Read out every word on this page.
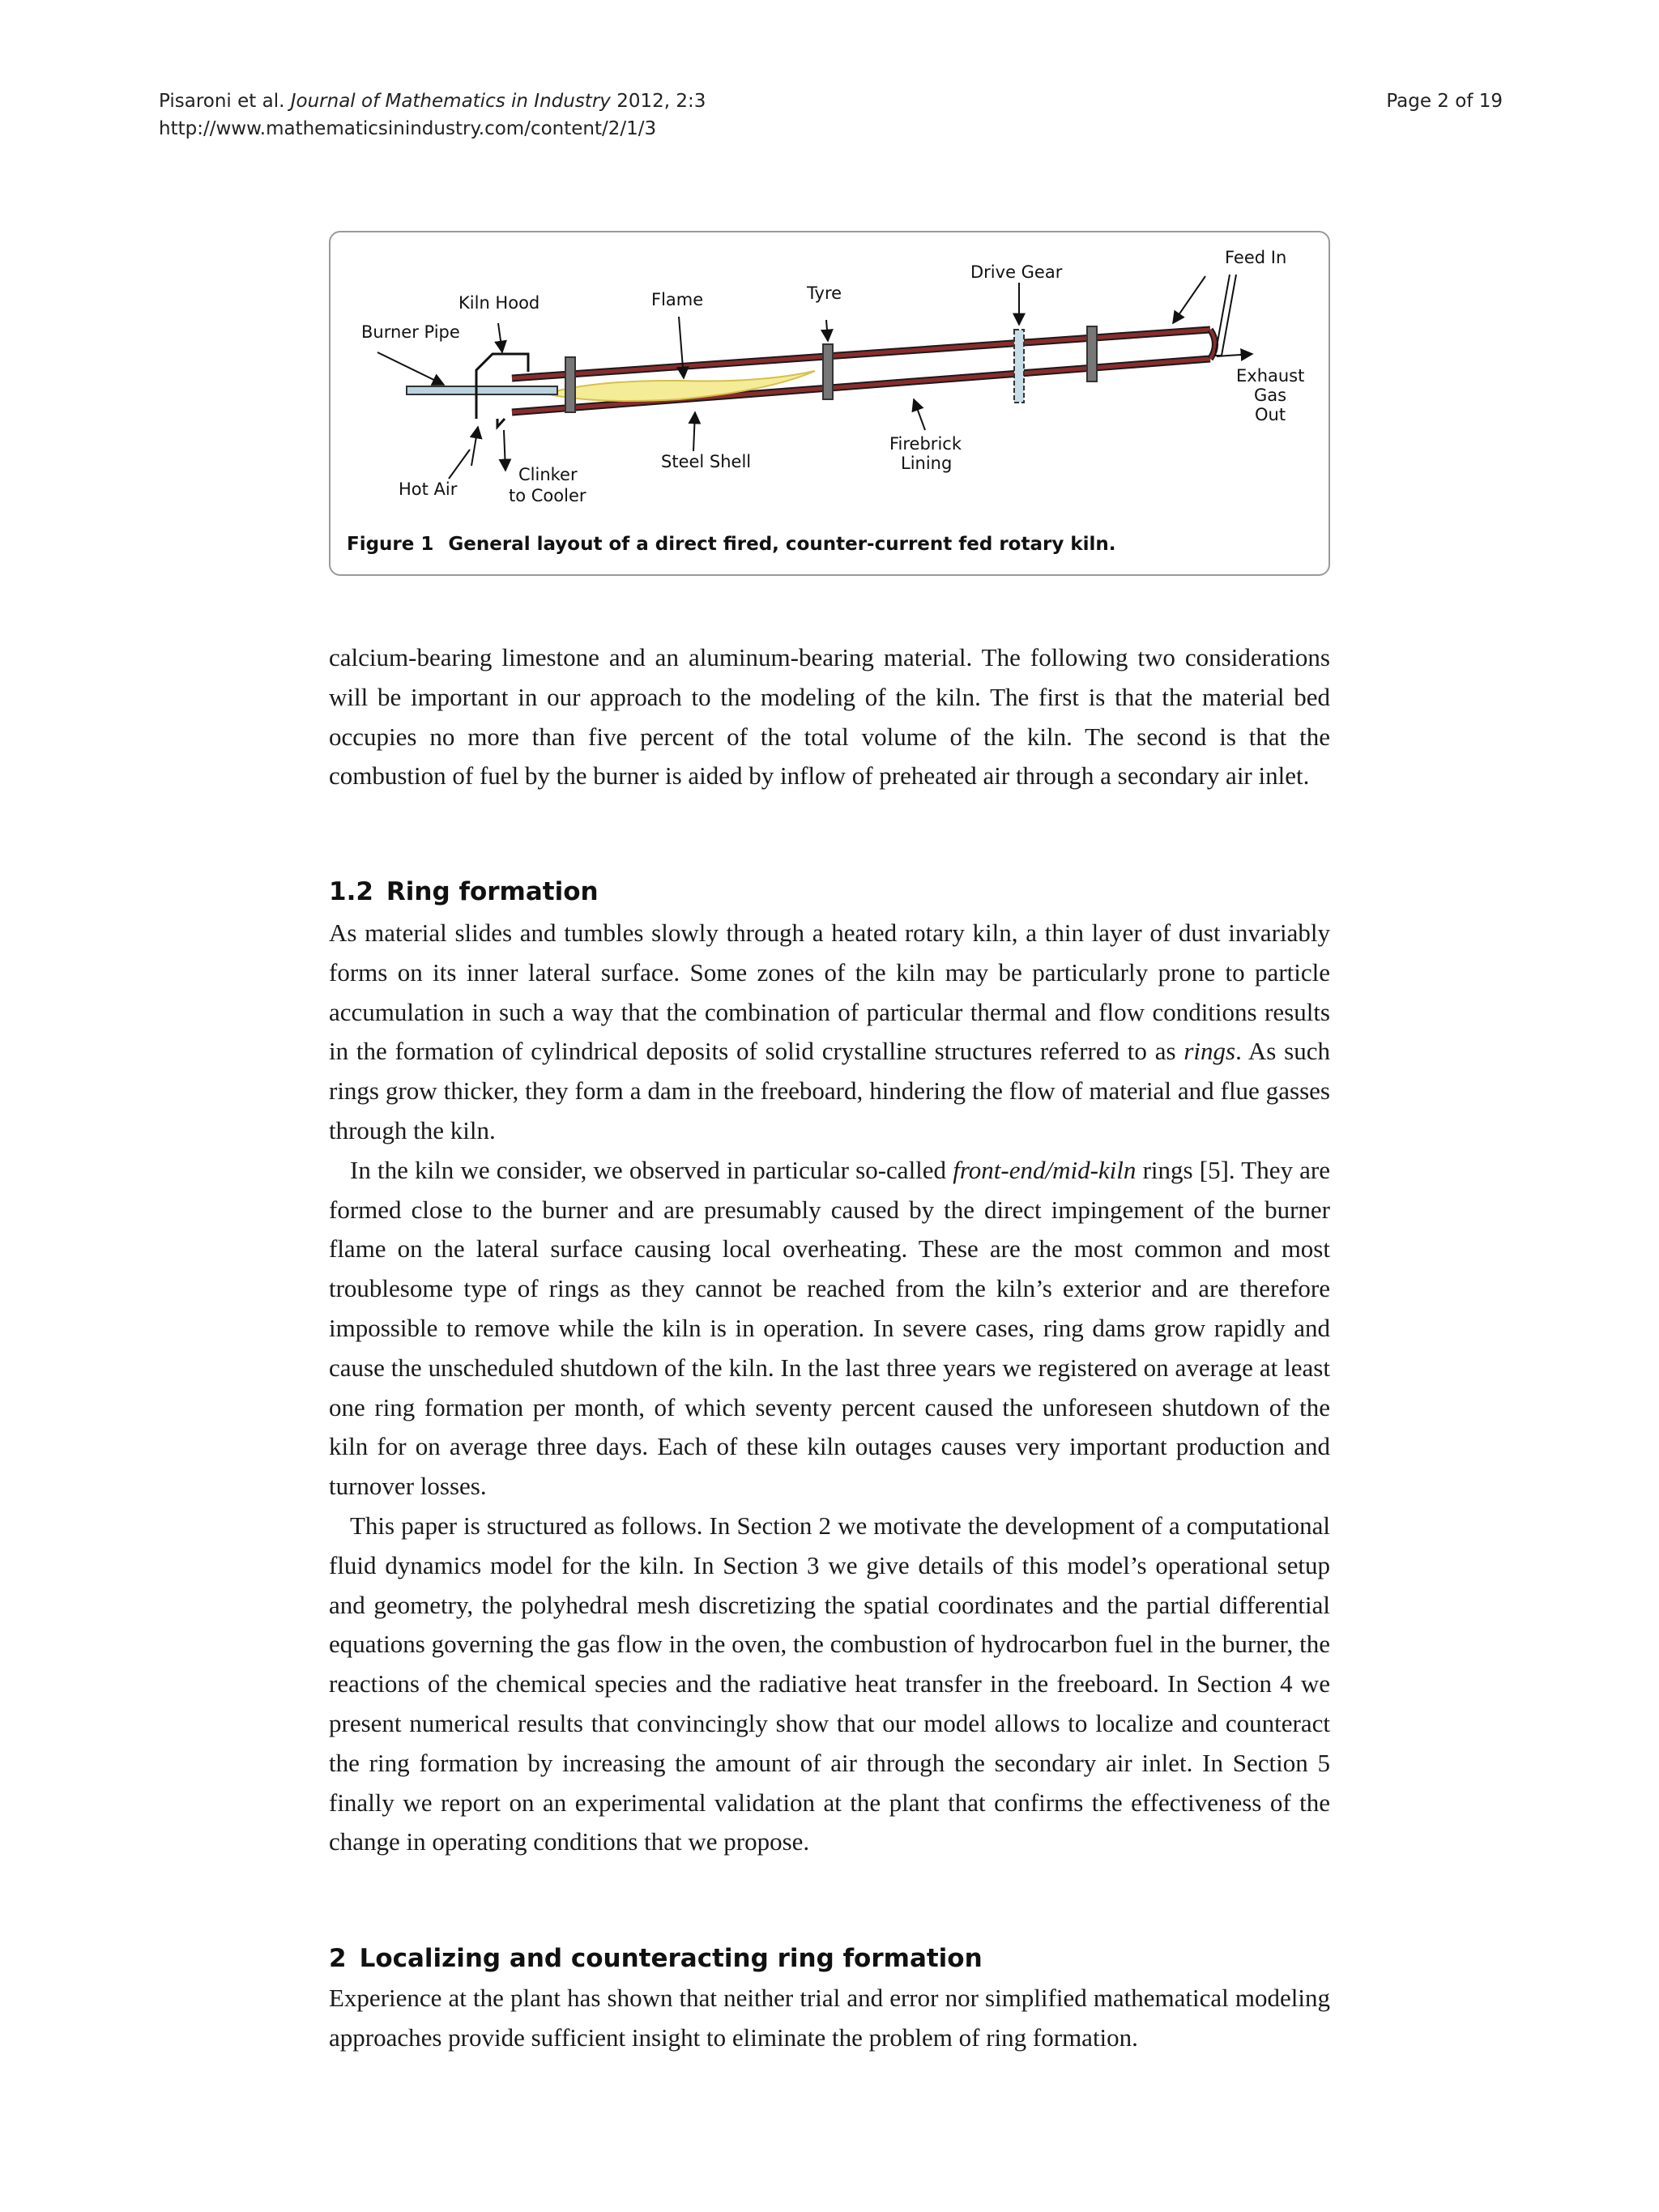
Pisaroni et al. Journal of Mathematics in Industry 2012, 2:3
http://www.mathematicsinindustry.com/content/2/1/3
Page 2 of 19
Burner Pipe
Kiln Hood	Flame	Tyre
Drive Gear
Feed In
Exhaust
Gas
Out
Hot Air
Clinker
to Cooler
Steel Shell
Firebrick
Lining
Figure 1 General layout of a direct fired, counter-current fed rotary kiln.

calcium-bearing limestone and an aluminum-bearing material. The following two considerations will be important in our approach to the modeling of the kiln. The first is that the material bed occupies no more than five percent of the total volume of the kiln. The second is that the combustion of fuel by the burner is aided by inflow of preheated air through a secondary air inlet.

1.2 Ring formation

As material slides and tumbles slowly through a heated rotary kiln, a thin layer of dust invariably forms on its inner lateral surface. Some zones of the kiln may be particularly prone to particle accumulation in such a way that the combination of particular thermal and flow conditions results in the formation of cylindrical deposits of solid crystalline structures referred to as rings. As such rings grow thicker, they form a dam in the freeboard, hindering the flow of material and flue gasses through the kiln.

In the kiln we consider, we observed in particular so-called front-end/mid-kiln rings [5]. They are formed close to the burner and are presumably caused by the direct impingement of the burner flame on the lateral surface causing local overheating. These are the most common and most troublesome type of rings as they cannot be reached from the kiln’s exterior and are therefore impossible to remove while the kiln is in operation. In severe cases, ring dams grow rapidly and cause the unscheduled shutdown of the kiln. In the last three years we registered on average at least one ring formation per month, of which seventy percent caused the unforeseen shutdown of the kiln for on average three days. Each of these kiln outages causes very important production and turnover losses.

This paper is structured as follows. In Section 2 we motivate the development of a computational fluid dynamics model for the kiln. In Section 3 we give details of this model’s operational setup and geometry, the polyhedral mesh discretizing the spatial coordinates and the partial differential equations governing the gas flow in the oven, the combustion of hydrocarbon fuel in the burner, the reactions of the chemical species and the radiative heat transfer in the freeboard. In Section 4 we present numerical results that convincingly show that our model allows to localize and counteract the ring formation by increasing the amount of air through the secondary air inlet. In Section 5 finally we report on an experimental validation at the plant that confirms the effectiveness of the change in operating conditions that we propose.

2 Localizing and counteracting ring formation

Experience at the plant has shown that neither trial and error nor simplified mathematical modeling approaches provide sufficient insight to eliminate the problem of ring formation.
